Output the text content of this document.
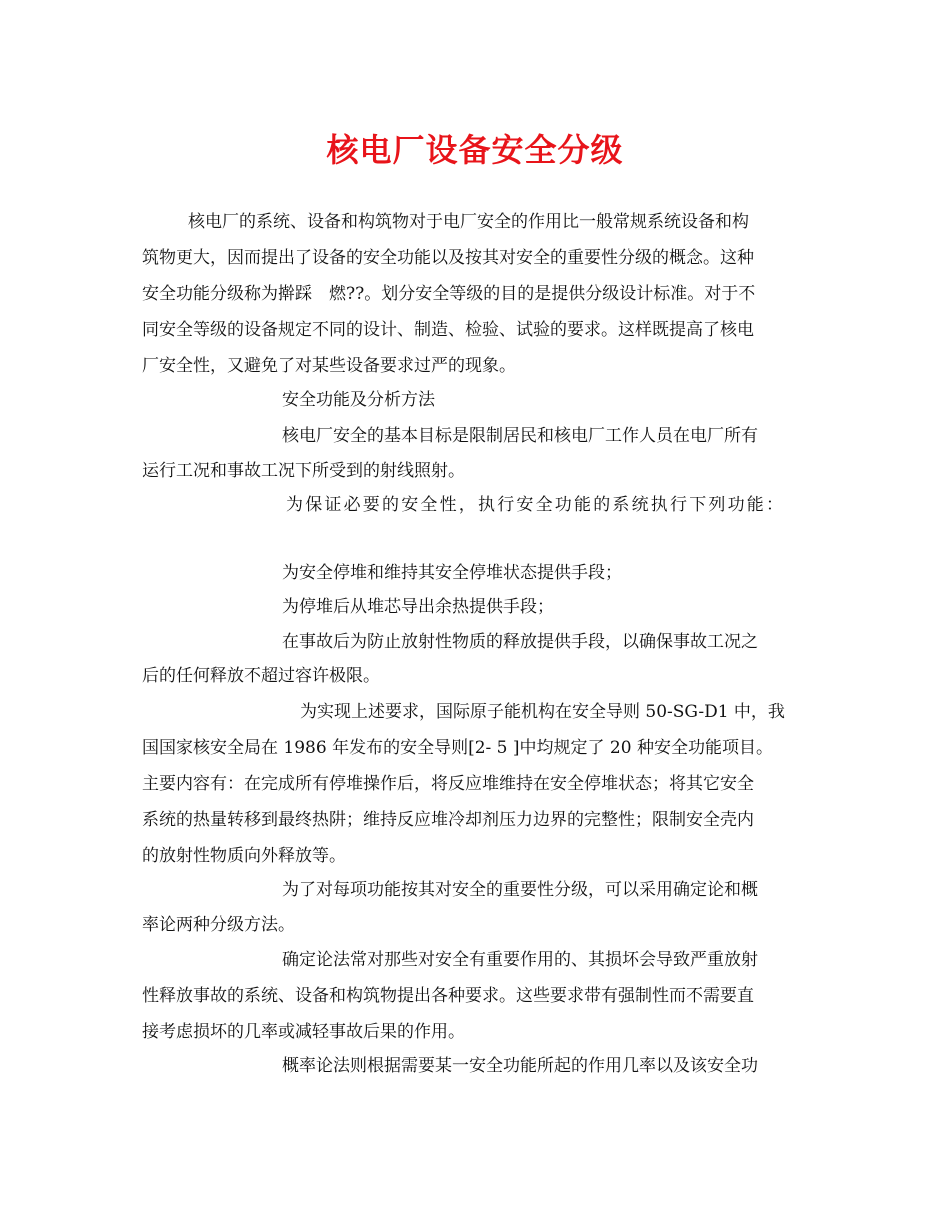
核电厂设备安全分级
核电厂的系统、设备和构筑物对于电厂安全的作用比一般常规系统设备和构
筑物更大，因而提出了设备的安全功能以及按其对安全的重要性分级的概念。这种
安全功能分级称为擀踩　燃??。划分安全等级的目的是提供分级设计标准。对于不
同安全等级的设备规定不同的设计、制造、检验、试验的要求。这样既提高了核电
厂安全性，又避免了对某些设备要求过严的现象。
安全功能及分析方法
核电厂安全的基本目标是限制居民和核电厂工作人员在电厂所有
运行工况和事故工况下所受到的射线照射。
为保证必要的安全性，执行安全功能的系统执行下列功能：
为安全停堆和维持其安全停堆状态提供手段；
为停堆后从堆芯导出余热提供手段；
在事故后为防止放射性物质的释放提供手段，以确保事故工况之
后的任何释放不超过容许极限。
为实现上述要求，国际原子能机构在安全导则 50-SG-D1 中，我
国国家核安全局在 1986 年发布的安全导则[2- 5 ]中均规定了 20 种安全功能项目。
主要内容有：在完成所有停堆操作后，将反应堆维持在安全停堆状态；将其它安全
系统的热量转移到最终热阱；维持反应堆冷却剂压力边界的完整性；限制安全壳内
的放射性物质向外释放等。
为了对每项功能按其对安全的重要性分级，可以采用确定论和概
率论两种分级方法。
确定论法常对那些对安全有重要作用的、其损坏会导致严重放射
性释放事故的系统、设备和构筑物提出各种要求。这些要求带有强制性而不需要直
接考虑损坏的几率或减轻事故后果的作用。
概率论法则根据需要某一安全功能所起的作用几率以及该安全功
